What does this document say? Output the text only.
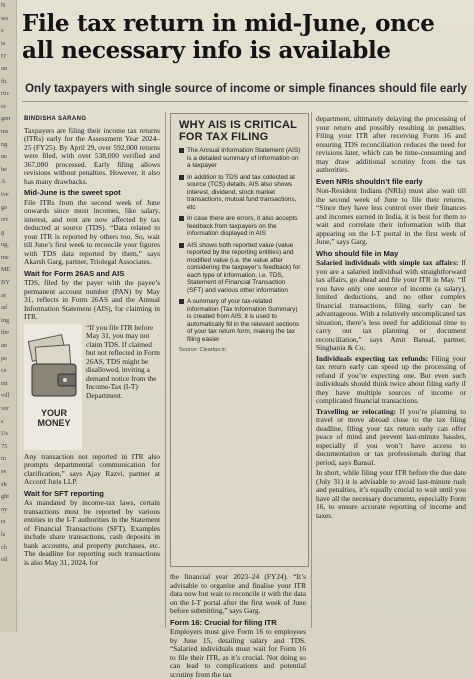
N
we
s
is
ry
on
th.
rtic
re
gen
ms
ng
ne
he
A
ive
ga
ort
g
ng,
me
ME
BY
ar
ad
ing
iler
an
pe
ce
mt
vill
ver
s
Us
75
m
es
sh
ght
ny
rs
ls
ch
oil
File tax return in mid-June, once all necessary info is available
Only taxpayers with single source of income or simple finances should file early
BINDISHA SARANG

Taxpayers are filing their income tax returns (ITRs) early for the Assessment Year 2024–25 (FY25). By April 29, over 592,000 returns were filed, with over 538,000 verified and 367,000 processed. Early filing allows revisions without penalties. However, it also has many drawbacks.

Mid-June is the sweet spot

File ITRs from the second week of June onwards since most incomes, like salary, interest, and rent are now affected by tax deducted at source (TDS). “Data related to your ITR is reported by others too. So, wait till June’s first week to reconcile your figures with TDS data reported by them,” says Akarsh Garg, partner, Triolegal Associates.

Wait for Form 26AS and AIS

TDS, filed by the payer with the payee’s permanent account number (PAN) by May 31, reflects in Form 26AS and the Annual Information Statement (AIS), for claiming in ITR.

YOUR MONEY
“If you file ITR before May 31, you may not claim TDS. If claimed but not reflected in Form 26AS, TDS might be disallowed, inviting a demand notice from the Income-Tax (I-T) Department.

Any transaction not reported in ITR also prompts departmental communication for clarification,” says Ajay Razvi, partner at Accord Juris LLP.

Wait for SFT reporting

As mandated by income-tax laws, certain transactions must be reported by various entities to the I-T authorities in the Statement of Financial Transactions (SFT). Examples include share transactions, cash deposits in bank accounts, and property purchases, etc. The deadline for reporting such transactions is also May 31, 2024, for

WHY AIS IS CRITICAL FOR TAX FILING
The Annual Information Statement (AIS) is a detailed summary of information on a taxpayer
In addition to TDS and tax collected at source (TCS) details, AIS also shows interest, dividend, stock market transactions, mutual fund transactions, etc
In case there are errors, it also accepts feedback from taxpayers on the information displayed in AIS
AIS shows both reported value (value reported by the reporting entities) and modified value (i.e. the value after considering the taxpayer’s feedback) for each type of information, i.e. TDS, Statement of Financial Transaction (SFT) and various other information
A summary of your tax-related information (Tax Information Summary) is created from AIS; it is used to automatically fill in the relevant sections of your tax return form, making the tax filing easier
Source: Cleartax.in

the financial year 2023–24 (FY24). “It’s advisable to organise and finalise your ITR data now but wait to reconcile it with the data on the I-T portal after the first week of June before submitting,” says Garg.

Form 16: Crucial for filing ITR

Employers must give Form 16 to employees by June 15, detailing salary and TDS. “Salaried individuals must wait for Form 16 to file their ITR, as it’s crucial. Not doing so can lead to complications and potential scrutiny from the tax

department, ultimately delaying the processing of your return and possibly resulting in penalties. Filing your ITR after receiving Form 16 and ensuring TDS reconciliation reduces the need for revisions later, which can be time-consuming and may draw additional scrutiny from the tax authorities.

Even NRIs shouldn’t file early

Non-Resident Indians (NRIs) must also wait till the second week of June to file their returns. “Since they have less control over their finances and incomes earned in India, it is best for them to wait and correlate their information with that appearing on the I-T portal in the first week of June,” says Garg.

Who should file in May

Salaried individuals with simple tax affairs: If you are a salaried individual with straightforward tax affairs, go ahead and file your ITR in May. “If you have only one source of income (a salary), limited deductions, and no other complex financial transactions, filing early can be advantageous. With a relatively uncomplicated tax situation, there’s less need for additional time to carry out tax planning or document reconciliation,” says Amit Bansal, partner, Singhania & Co.

Individuals expecting tax refunds: Filing your tax return early can speed up the processing of refund if you’re expecting one. But even such individuals should think twice about filing early if they have multiple sources of income or complicated financial transactions.

Travelling or relocating: If you’re planning to travel or move abroad close to the tax filing deadline, filing your tax return early can offer peace of mind and prevent last-minute hassles, especially if you won’t have access to documentation or tax professionals during that period, says Bansal.

In short, while filing your ITR before the due date (July 31) it is advisable to avoid last-minute rush and penalties, it’s equally crucial to wait until you have all the necessary documents, especially Form 16, to ensure accurate reporting of income and taxes.
